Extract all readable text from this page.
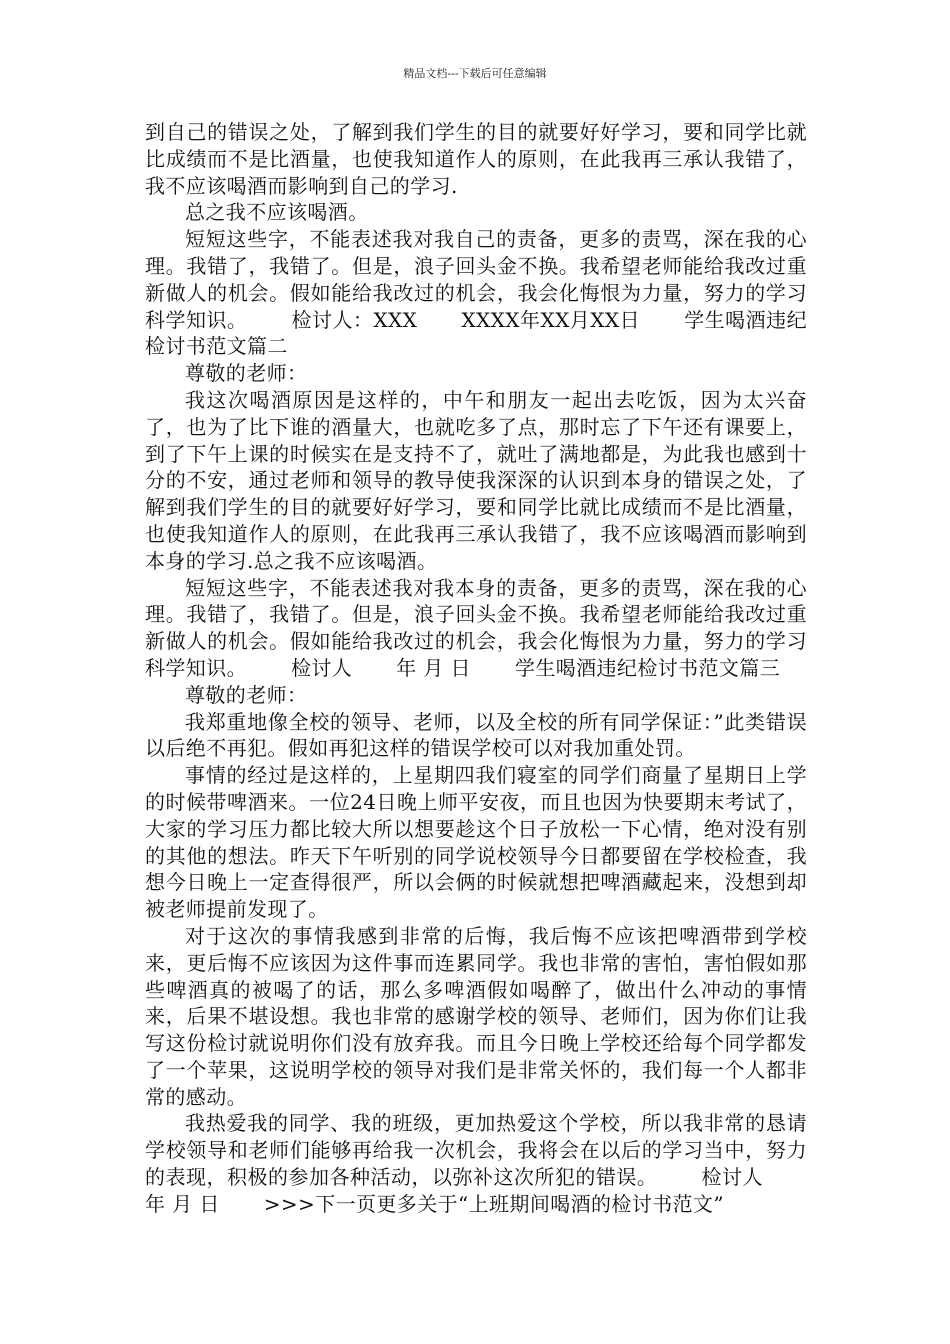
精品文档---下载后可任意编辑

到自己的错误之处，了解到我们学生的目的就要好好学习，要和同学比就比成绩而不是比酒量，也使我知道作人的原则，在此我再三承认我错了，我不应该喝酒而影响到自己的学习.

总之我不应该喝酒。

短短这些字，不能表述我对我自己的责备，更多的责骂，深在我的心理。我错了，我错了。但是，浪子回头金不换。我希望老师能给我改过重新做人的机会。假如能给我改过的机会，我会化悔恨为力量，努力的学习科学知识。 检讨人：XXX XXXX年XX月XX日 学生喝酒违纪检讨书范文篇二

尊敬的老师：

我这次喝酒原因是这样的，中午和朋友一起出去吃饭，因为太兴奋了，也为了比下谁的酒量大，也就吃多了点，那时忘了下午还有课要上，到了下午上课的时候实在是支持不了，就吐了满地都是，为此我也感到十分的不安，通过老师和领导的教导使我深深的认识到本身的错误之处，了解到我们学生的目的就要好好学习，要和同学比就比成绩而不是比酒量，也使我知道作人的原则，在此我再三承认我错了，我不应该喝酒而影响到本身的学习.总之我不应该喝酒。

短短这些字，不能表述我对我本身的责备，更多的责骂，深在我的心理。我错了，我错了。但是，浪子回头金不换。我希望老师能给我改过重新做人的机会。假如能给我改过的机会，我会化悔恨为力量，努力的学习科学知识。 检讨人 年 月 日 学生喝酒违纪检讨书范文篇三

尊敬的老师：

我郑重地像全校的领导、老师，以及全校的所有同学保证：”此类错误以后绝不再犯。假如再犯这样的错误学校可以对我加重处罚。

事情的经过是这样的，上星期四我们寝室的同学们商量了星期日上学的时候带啤酒来。一位24日晚上师平安夜，而且也因为快要期末考试了，大家的学习压力都比较大所以想要趁这个日子放松一下心情，绝对没有别的其他的想法。昨天下午听别的同学说校领导今日都要留在学校检查，我想今日晚上一定查得很严，所以会俩的时候就想把啤酒藏起来，没想到却被老师提前发现了。

对于这次的事情我感到非常的后悔，我后悔不应该把啤酒带到学校来，更后悔不应该因为这件事而连累同学。我也非常的害怕，害怕假如那些啤酒真的被喝了的话，那么多啤酒假如喝醉了，做出什么冲动的事情来，后果不堪设想。我也非常的感谢学校的领导、老师们，因为你们让我写这份检讨就说明你们没有放弃我。而且今日晚上学校还给每个同学都发了一个苹果，这说明学校的领导对我们是非常关怀的，我们每一个人都非常的感动。

我热爱我的同学、我的班级，更加热爱这个学校，所以我非常的恳请学校领导和老师们能够再给我一次机会，我将会在以后的学习当中，努力的表现，积极的参加各种活动，以弥补这次所犯的错误。 检讨人年 月 日 >>>下一页更多关于“上班期间喝酒的检讨书范文”
